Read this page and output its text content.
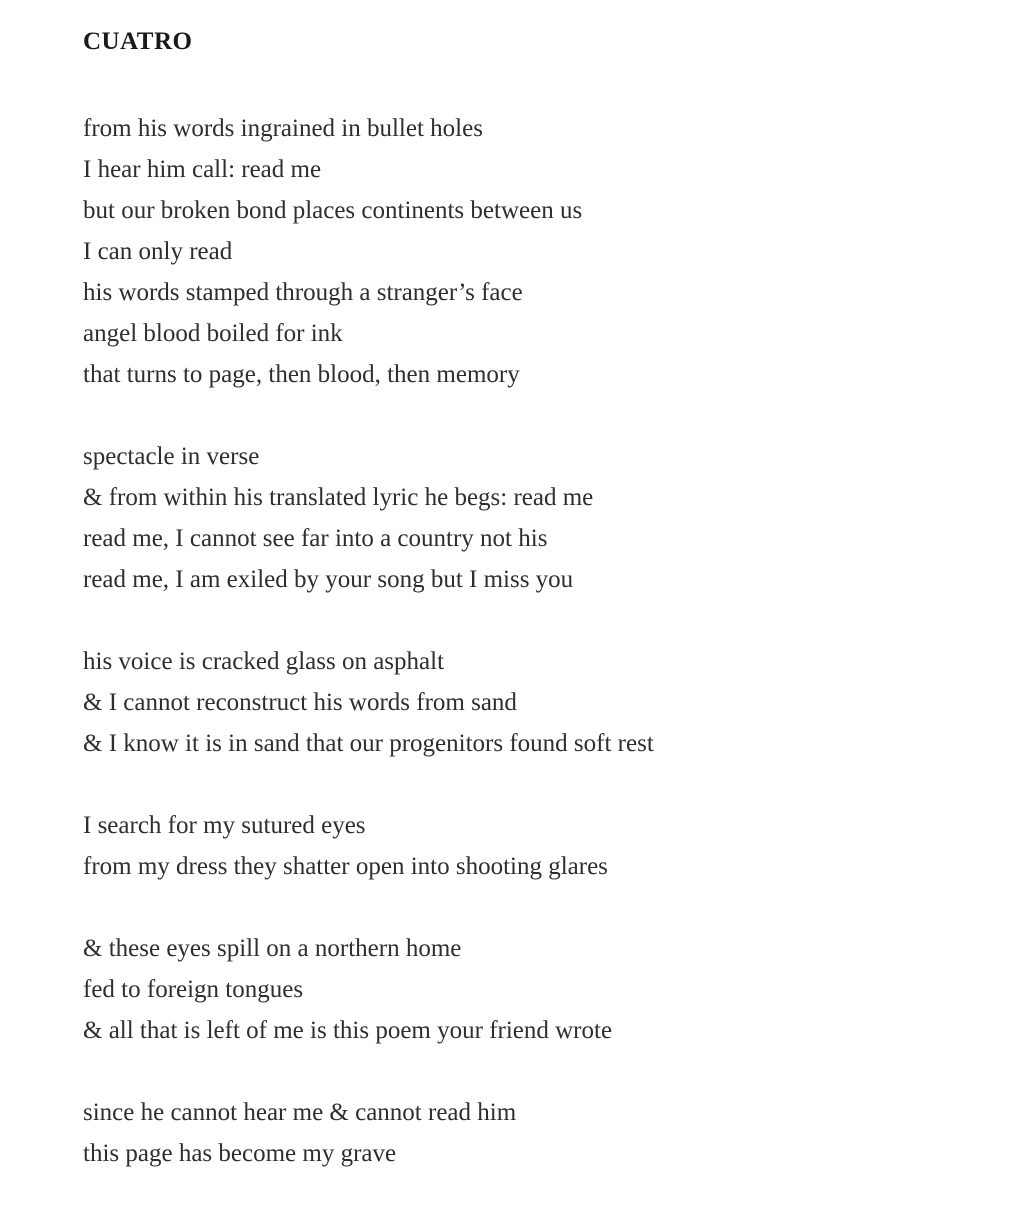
CUATRO
from his words ingrained in bullet holes
I hear him call: read me
but our broken bond places continents between us
I can only read
his words stamped through a stranger’s face
angel blood boiled for ink
that turns to page, then blood, then memory
spectacle in verse
& from within his translated lyric he begs: read me
read me, I cannot see far into a country not his
read me, I am exiled by your song but I miss you
his voice is cracked glass on asphalt
& I cannot reconstruct his words from sand
& I know it is in sand that our progenitors found soft rest
I search for my sutured eyes
from my dress they shatter open into shooting glares
& these eyes spill on a northern home
fed to foreign tongues
& all that is left of me is this poem your friend wrote
since he cannot hear me & cannot read him
this page has become my grave
